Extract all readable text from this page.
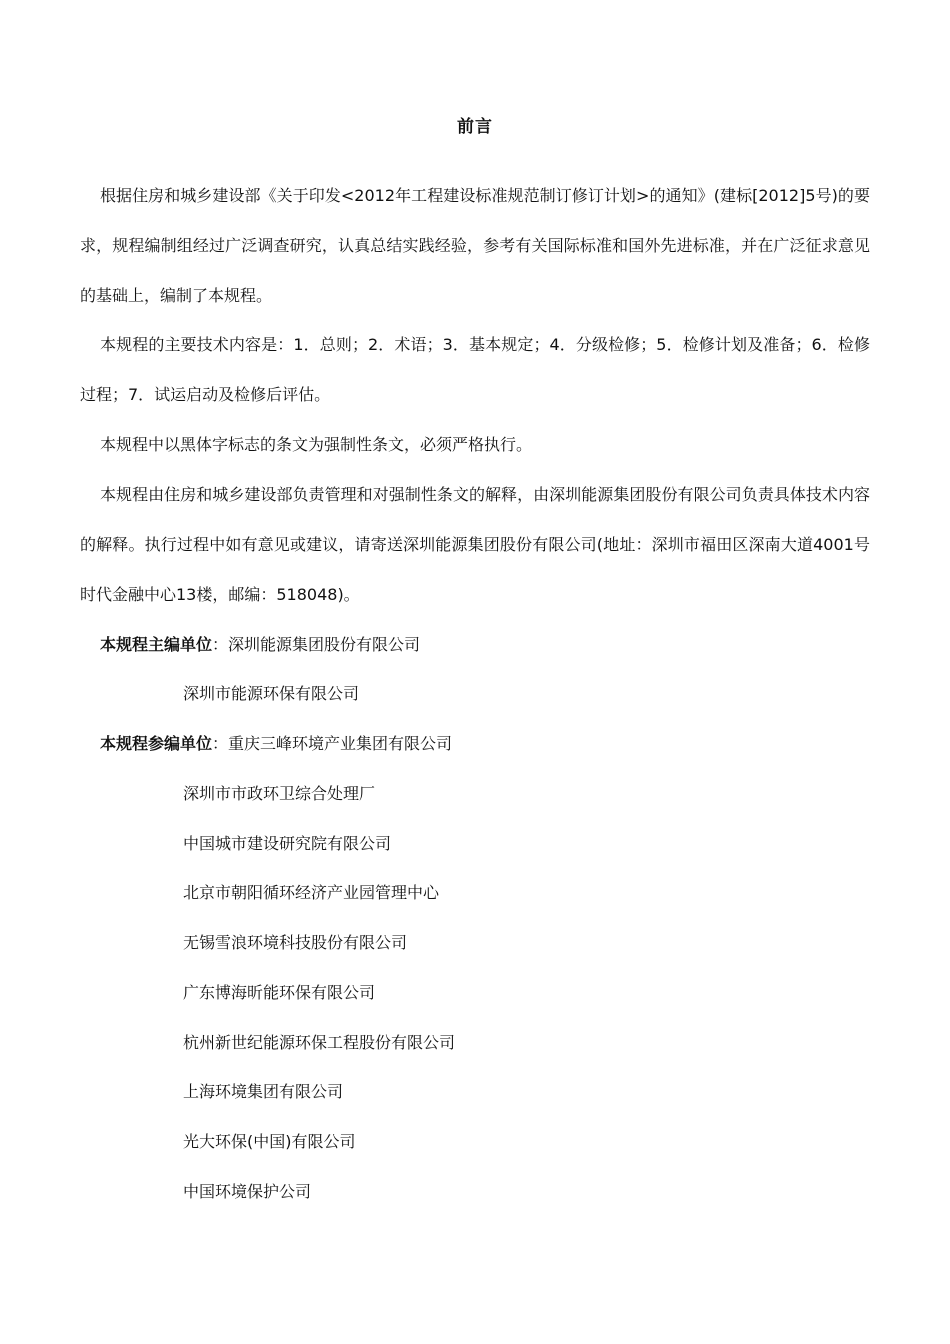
前言
根据住房和城乡建设部《关于印发<2012年工程建设标准规范制订修订计划>的通知》(建标[2012]5号)的要求，规程编制组经过广泛调查研究，认真总结实践经验，参考有关国际标准和国外先进标准，并在广泛征求意见的基础上，编制了本规程。
本规程的主要技术内容是：1．总则；2．术语；3．基本规定；4．分级检修；5．检修计划及准备；6．检修过程；7．试运启动及检修后评估。
本规程中以黑体字标志的条文为强制性条文，必须严格执行。
本规程由住房和城乡建设部负责管理和对强制性条文的解释，由深圳能源集团股份有限公司负责具体技术内容的解释。执行过程中如有意见或建议，请寄送深圳能源集团股份有限公司(地址：深圳市福田区深南大道4001号时代金融中心13楼，邮编：518048)。
本规程主编单位：深圳能源集团股份有限公司
深圳市能源环保有限公司
本规程参编单位：重庆三峰环境产业集团有限公司
深圳市市政环卫综合处理厂
中国城市建设研究院有限公司
北京市朝阳循环经济产业园管理中心
无锡雪浪环境科技股份有限公司
广东博海昕能环保有限公司
杭州新世纪能源环保工程股份有限公司
上海环境集团有限公司
光大环保(中国)有限公司
中国环境保护公司
